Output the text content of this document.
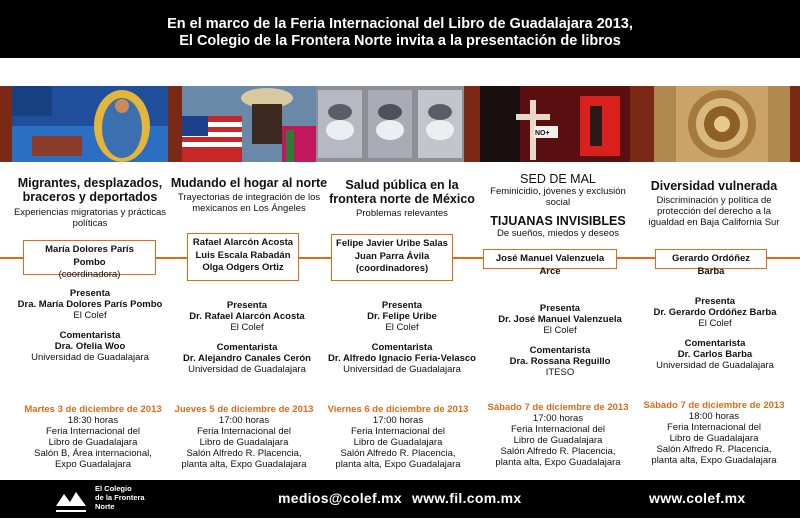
En el marco de la Feria Internacional del Libro de Guadalajara 2013,
El Colegio de la Frontera Norte invita a la presentación de libros
NO+
Migrantes, desplazados, braceros y deportados
Experiencias migratorias y prácticas políticas
Mudando el hogar al norte
Trayectorias de integración de los mexicanos en Los Ángeles
Salud pública en la frontera norte de México
Problemas relevantes
SED DE MAL
Feminicidio, jóvenes y exclusión social
TIJUANAS INVISIBLES
De sueños, miedos y deseos
Diversidad vulnerada
Discriminación y política de protección del derecho a la igualdad en Baja California Sur
María Dolores París Pombo
(coordinadora)
Rafael Alarcón Acosta
Luis Escala Rabadán
Olga Odgers Ortiz
Felipe Javier Uribe Salas
Juan Parra Ávila
(coordinadores)
José Manuel Valenzuela Arce
Gerardo Ordóñez Barba
Presenta
Dra. María Dolores París Pombo
El Colef
Comentarista
Dra. Ofelia Woo
Universidad de Guadalajara
Presenta
Dr. Rafael Alarcón Acosta
El Colef
Comentarista
Dr. Alejandro Canales Cerón
Universidad de Guadalajara
Presenta
Dr. Felipe Uribe
El Colef
Comentarista
Dr. Alfredo Ignacio Feria-Velasco
Universidad de Guadalajara
Presenta
Dr. José Manuel Valenzuela
El Colef
Comentarista
Dra. Rossana Reguillo
ITESO
Presenta
Dr. Gerardo Ordóñez Barba
El Colef
Comentarista
Dr. Carlos Barba
Universidad de Guadalajara
Martes 3 de diciembre de 2013
18:30 horas
Feria Internacional del
Libro de Guadalajara
Salón B, Área internacional,
Expo Guadalajara
Jueves 5 de diciembre de 2013
17:00 horas
Feria Internacional del
Libro de Guadalajara
Salón Alfredo R. Placencia,
planta alta, Expo Guadalajara
Viernes 6 de diciembre de 2013
17:00 horas
Feria Internacional del
Libro de Guadalajara
Salón Alfredo R. Placencia,
planta alta, Expo Guadalajara
Sábado 7 de diciembre de 2013
17:00 horas
Feria Internacional del
Libro de Guadalajara
Salón Alfredo R. Placencia,
planta alta, Expo Guadalajara
Sábado 7 de diciembre de 2013
18:00 horas
Feria Internacional del
Libro de Guadalajara
Salón Alfredo R. Placencia,
planta alta, Expo Guadalajara
medios@colef.mx www.fil.com.mx	www.colef.mx
El Colegio
de la Frontera
Norte
